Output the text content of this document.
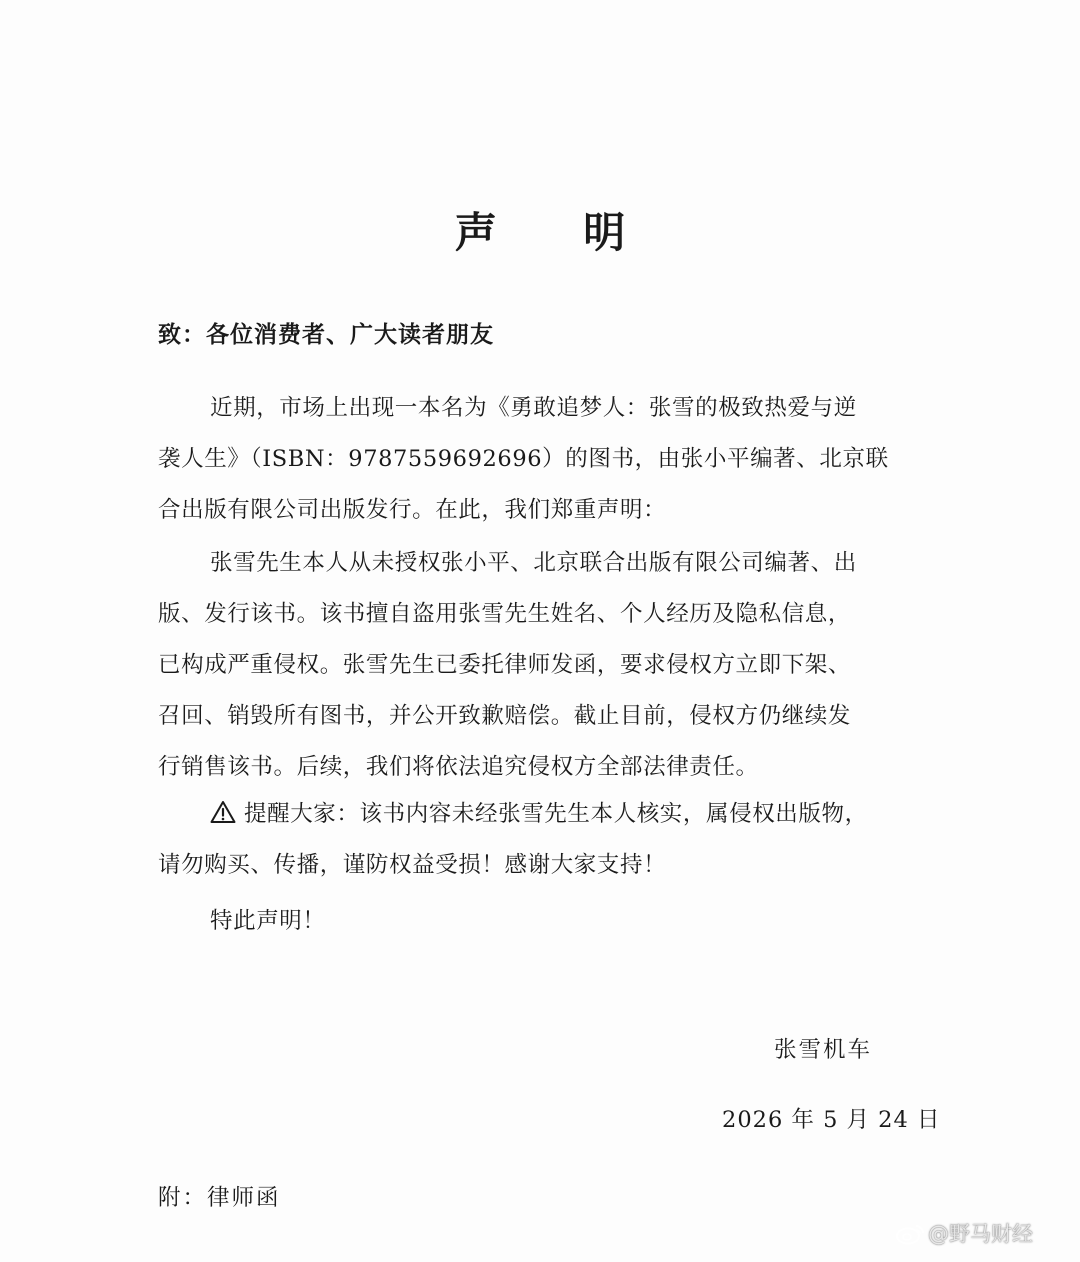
声 明
致：各位消费者、广大读者朋友
近期，市场上出现一本名为《勇敢追梦人：张雪的极致热爱与逆
袭人生》（ISBN：9787559692696）的图书，由张小平编著、北京联
合出版有限公司出版发行。在此，我们郑重声明：
张雪先生本人从未授权张小平、北京联合出版有限公司编著、出
版、发行该书。该书擅自盗用张雪先生姓名、个人经历及隐私信息，
已构成严重侵权。张雪先生已委托律师发函，要求侵权方立即下架、
召回、销毁所有图书，并公开致歉赔偿。截止目前，侵权方仍继续发
行销售该书。后续，我们将依法追究侵权方全部法律责任。
提醒大家：该书内容未经张雪先生本人核实，属侵权出版物，
请勿购买、传播，谨防权益受损！感谢大家支持！
特此声明！
张雪机车
2026 年 5 月 24 日
附：律师函
@野马财经
